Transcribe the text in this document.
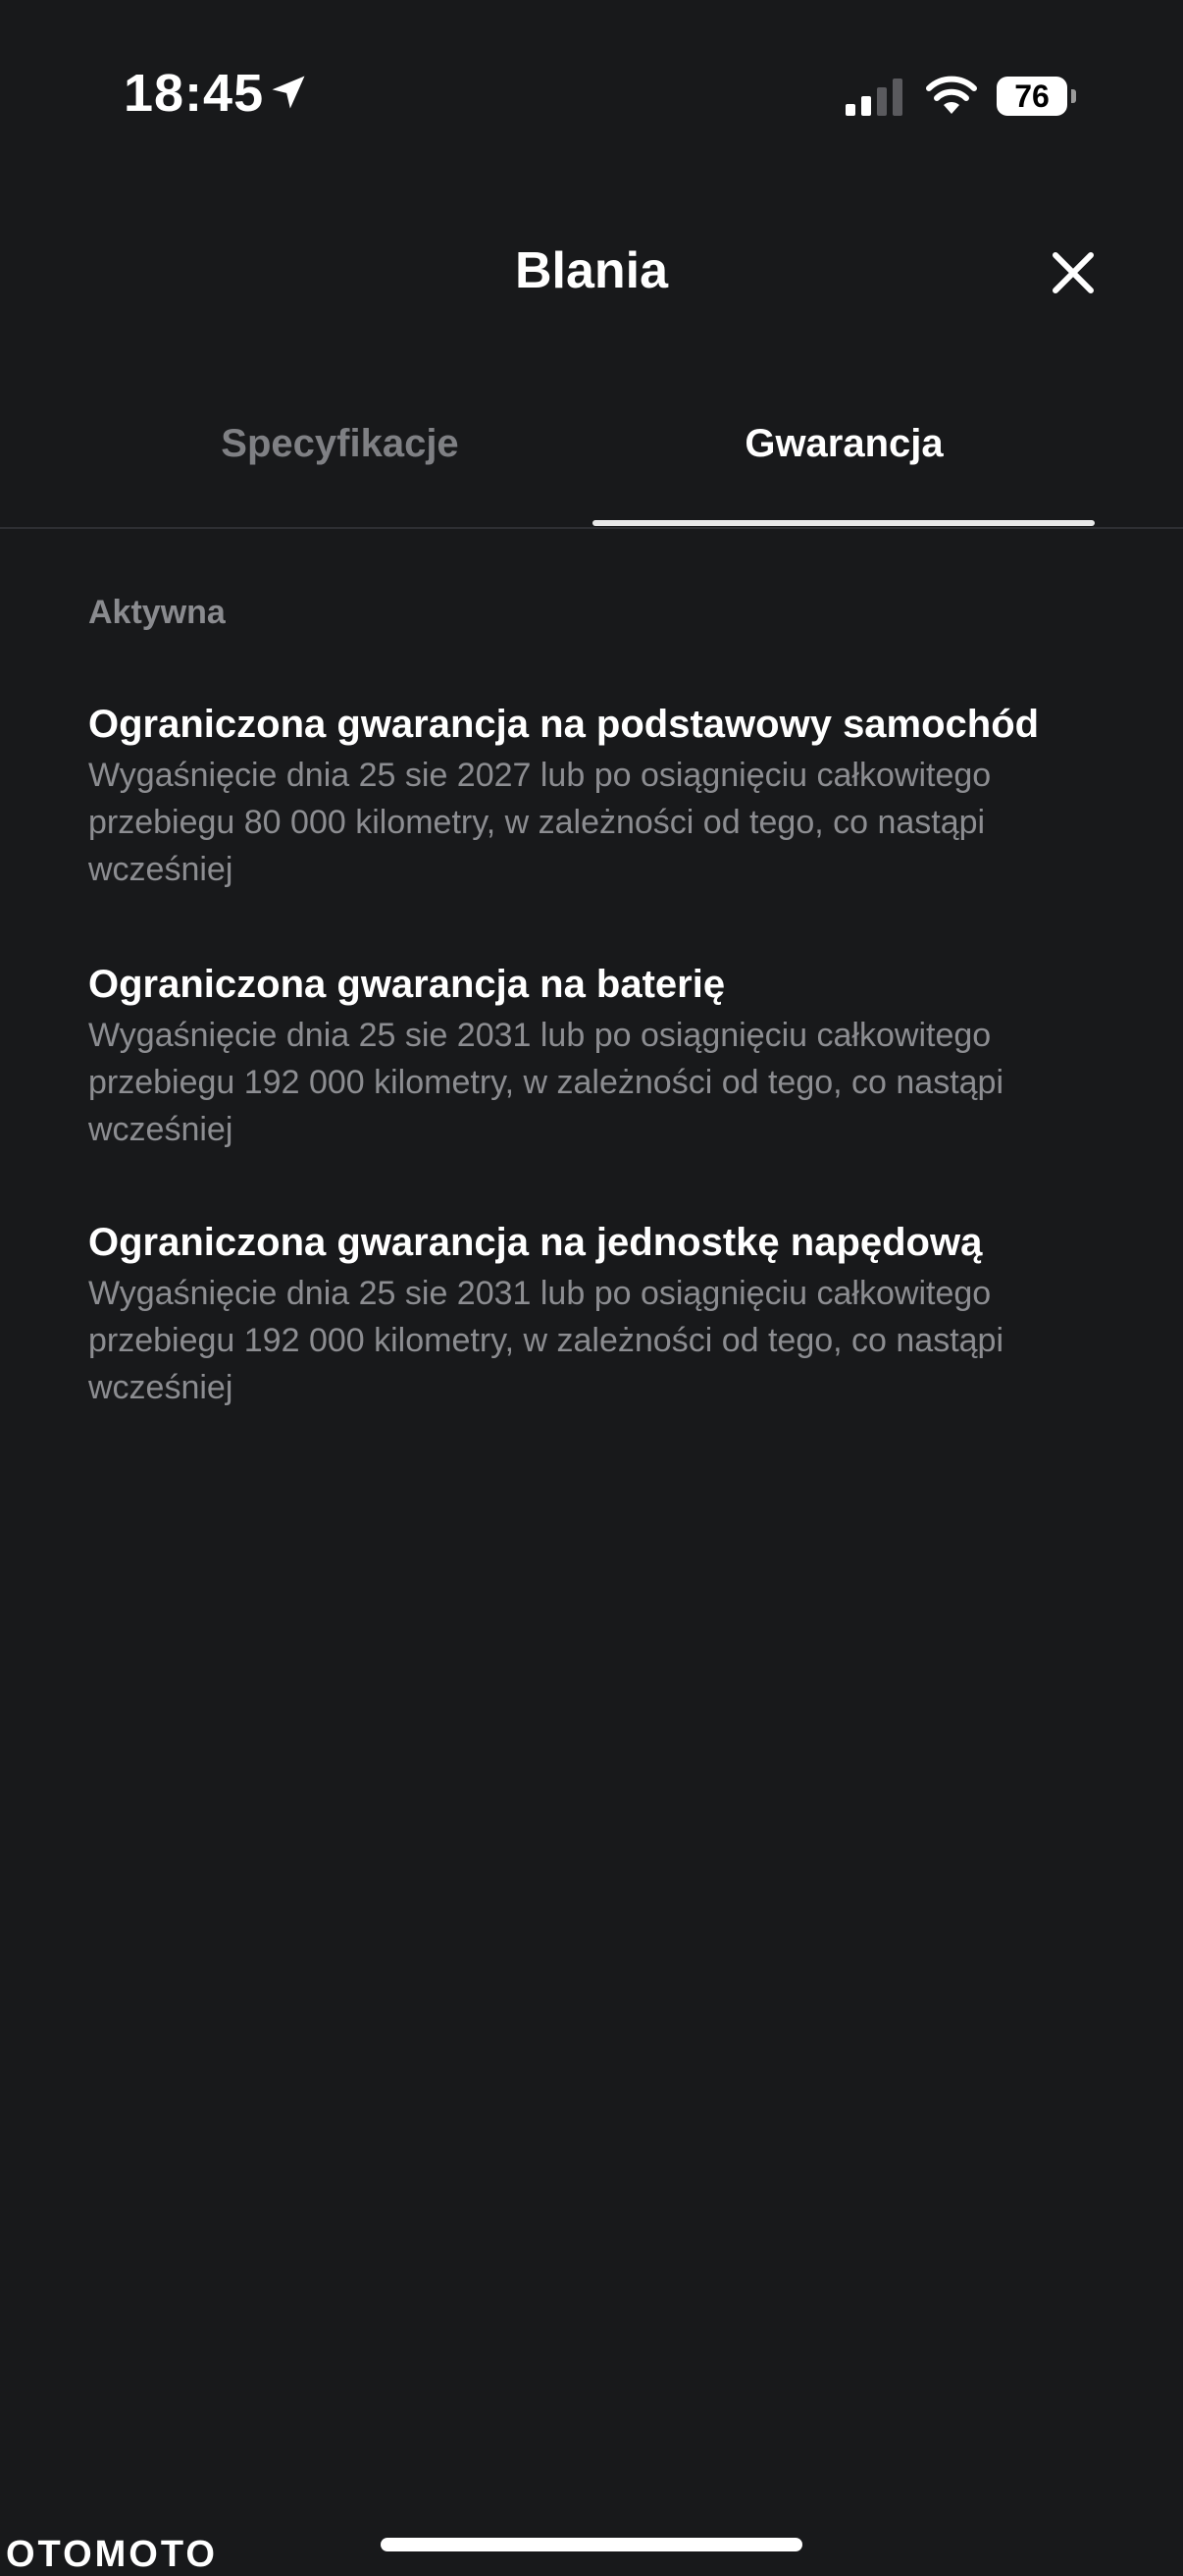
18:45	76
Blania
Specyfikacje	Gwarancja
Aktywna
Ograniczona gwarancja na podstawowy samochód
Wygaśnięcie dnia 25 sie 2027 lub po osiągnięciu całkowitego przebiegu 80 000 kilometry, w zależności od tego, co nastąpi wcześniej
Ograniczona gwarancja na baterię
Wygaśnięcie dnia 25 sie 2031 lub po osiągnięciu całkowitego przebiegu 192 000 kilometry, w zależności od tego, co nastąpi wcześniej
Ograniczona gwarancja na jednostkę napędową
Wygaśnięcie dnia 25 sie 2031 lub po osiągnięciu całkowitego przebiegu 192 000 kilometry, w zależności od tego, co nastąpi wcześniej
OTOMOTO
